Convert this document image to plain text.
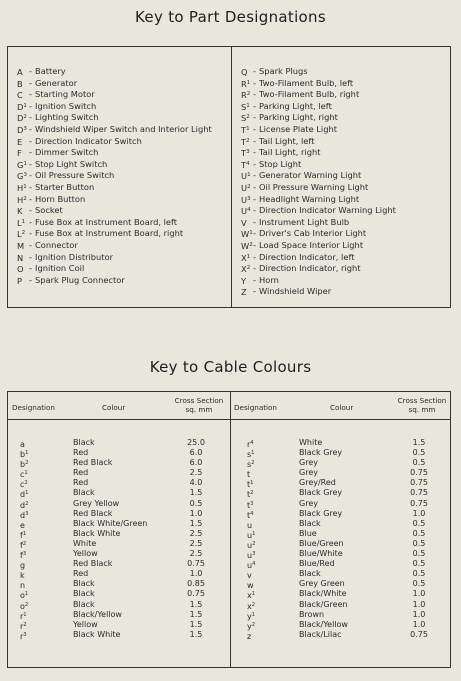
Key to Part Designations
A - Battery
B - Generator
C - Starting Motor
$D^1$ - Ignition Switch
$D^2$ - Lighting Switch
$D^3$ - Windshield Wiper Switch and Interior Light
E - Direction Indicator Switch
F - Dimmer Switch
$G^1$ - Stop Light Switch
$G^3$ - Oil Pressure Switch
$H^1$ - Starter Button
$H^2$ - Horn Button
K - Socket
$L^1$ - Fuse Box at Instrument Board, left
$L^2$ - Fuse Box at Instrument Board, right
M - Connector
N - Ignition Distributor
O - Ignition Coil
P - Spark Plug Connector
Q - Spark Plugs
$R^1$ - Two-Filament Bulb, left
$R^2$ - Two-Filament Bulb, right
$S^1$ - Parking Light, left
$S^2$ - Parking Light, right
$T^1$ - License Plate Light
$T^2$ - Tail Light, left
$T^3$ - Tail Light, right
$T^4$ - Stop Light
$U^1$ - Generator Warning Light
$U^2$ - Oil Pressure Warning Light
$U^3$ - Headlight Warning Light
$U^4$ - Direction Indicator Warning Light
V - Instrument Light Bulb
$W^1$ - Driver's Cab Interior Light
$W^2$ - Load Space Interior Light
$X^1$ - Direction Indicator, left
$X^2$ - Direction Indicator, right
Y - Horn
Z - Windshield Wiper
Key to Cable Colours
Designation	Colour
Cross Section
sq. mm	Designation	Colour
Cross Section
sq. mm
a	Black	25.0
$b^1$	Red	6.0
$b^2$	Red Black	6.0
$c^1$	Red	2.5
$c^2$	Red	4.0
$d^1$	Black	1.5
$d^2$	Grey Yellow	0.5
$d^3$	Red Black	1.0
e	Black White/Green	1.5
$f^1$	Black White	2.5
$f^2$	White	2.5
$f^3$	Yellow	2.5
g	Red Black	0.75
k	Red	1.0
n	Black	0.85
$o^1$	Black	0.75
$o^2$	Black	1.5
$r^1$	Black/Yellow	1.5
$r^2$	Yellow	1.5
$r^3$	Black White	1.5
$r^4$	White	1.5
$s^1$	Black Grey	0.5
$s^2$	Grey	0.5
t	Grey	0.75
$t^1$	Grey/Red	0.75
$t^2$	Black Grey	0.75
$t^3$	Grey	0.75
$t^4$	Black Grey	1.0
u	Black	0.5
$u^1$	Blue	0.5
$u^2$	Blue/Green	0.5
$u^3$	Blue/White	0.5
$u^4$	Blue/Red	0.5
v	Black	0.5
w	Grey Green	0.5
$x^1$	Black/White	1.0
$x^2$	Black/Green	1.0
$y^1$	Brown	1.0
$y^2$	Black/Yellow	1.0
z	Black/Lilac	0.75
